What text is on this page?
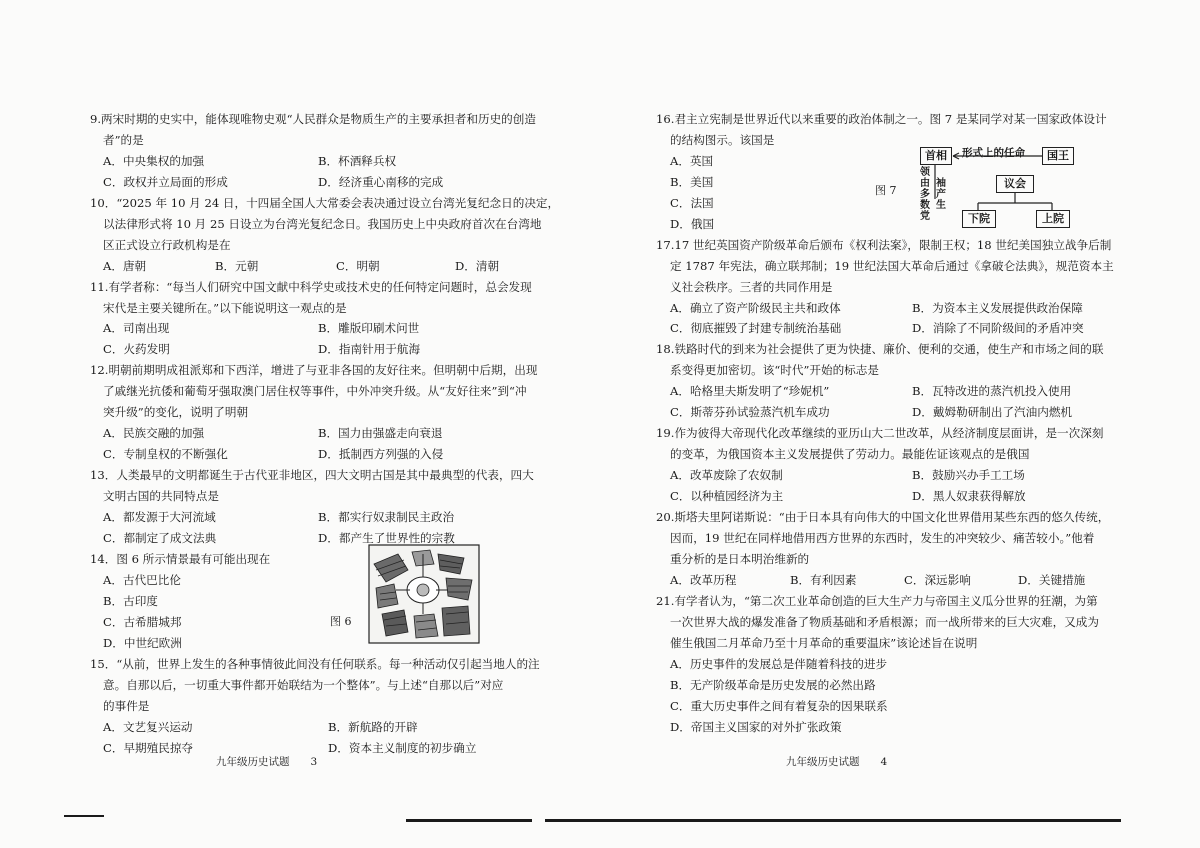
9.两宋时期的史实中，能体现唯物史观“人民群众是物质生产的主要承担者和历史的创造
者”的是
A．中央集权的加强	B．杯酒释兵权
C．政权并立局面的形成	D．经济重心南移的完成
10．“2025 年 10 月 24 日，十四届全国人大常委会表决通过设立台湾光复纪念日的决定，
以法律形式将 10 月 25 日设立为台湾光复纪念日。我国历史上中央政府首次在台湾地
区正式设立行政机构是在
A．唐朝	B．元朝	C．明朝	D．清朝
11.有学者称：“每当人们研究中国文献中科学史或技术史的任何特定问题时，总会发现
宋代是主要关键所在。”以下能说明这一观点的是
A．司南出现	B．雕版印刷术问世
C．火药发明	D．指南针用于航海
12.明朝前期明成祖派郑和下西洋，增进了与亚非各国的友好往来。但明朝中后期，出现
了戚继光抗倭和葡萄牙强取澳门居住权等事件，中外冲突升级。从“友好往来”到“冲
突升级”的变化，说明了明朝
A．民族交融的加强	B．国力由强盛走向衰退
C．专制皇权的不断强化	D．抵制西方列强的入侵
13．人类最早的文明都诞生于古代亚非地区，四大文明古国是其中最典型的代表，四大
文明古国的共同特点是
A．都发源于大河流域	B．都实行奴隶制民主政治
C．都制定了成文法典	D．都产生了世界性的宗教
14．图 6 所示情景最有可能出现在
A．古代巴比伦
B．古印度
C．古希腊城邦
D．中世纪欧洲
图 6
15．“从前，世界上发生的各种事情彼此间没有任何联系。每一种活动仅引起当地人的注
意。自那以后，一切重大事件都开始联结为一个整体”。与上述“自那以后”对应
的事件是
A．文艺复兴运动	B．新航路的开辟
C．早期殖民掠夺	D．资本主义制度的初步确立
九年级历史试题　　3
16.君主立宪制是世界近代以来重要的政治体制之一。图 7 是某同学对某一国家政体设计
的结构图示。该国是
A．英国
B．美国
C．法国
D．俄国
图 7
首相	形式上的任命	国王
领
由
多
数
党
袖
产
生
议会
下院	上院
17.17 世纪英国资产阶级革命后颁布《权利法案》，限制王权；18 世纪美国独立战争后制
定 1787 年宪法，确立联邦制；19 世纪法国大革命后通过《拿破仑法典》，规范资本主
义社会秩序。三者的共同作用是
A．确立了资产阶级民主共和政体	B．为资本主义发展提供政治保障
C．彻底摧毁了封建专制统治基础	D．消除了不同阶级间的矛盾冲突
18.铁路时代的到来为社会提供了更为快捷、廉价、便利的交通，使生产和市场之间的联
系变得更加密切。该“时代”开始的标志是
A．哈格里夫斯发明了“珍妮机”	B．瓦特改进的蒸汽机投入使用
C．斯蒂芬孙试验蒸汽机车成功	D．戴姆勒研制出了汽油内燃机
19.作为彼得大帝现代化改革继续的亚历山大二世改革，从经济制度层面讲，是一次深刻
的变革，为俄国资本主义发展提供了劳动力。最能佐证该观点的是俄国
A．改革废除了农奴制	B．鼓励兴办手工工场
C．以种植园经济为主	D．黑人奴隶获得解放
20.斯塔夫里阿诺斯说：“由于日本具有向伟大的中国文化世界借用某些东西的悠久传统，
因而，19 世纪在同样地借用西方世界的东西时，发生的冲突较少、痛苦较小。”他着
重分析的是日本明治维新的
A．改革历程	B．有利因素	C．深远影响	D．关键措施
21.有学者认为，“第二次工业革命创造的巨大生产力与帝国主义瓜分世界的狂潮，为第
一次世界大战的爆发准备了物质基础和矛盾根源；而一战所带来的巨大灾难，又成为
催生俄国二月革命乃至十月革命的重要温床”该论述旨在说明
A．历史事件的发展总是伴随着科技的进步
B．无产阶级革命是历史发展的必然出路
C．重大历史事件之间有着复杂的因果联系
D．帝国主义国家的对外扩张政策
九年级历史试题　　4
